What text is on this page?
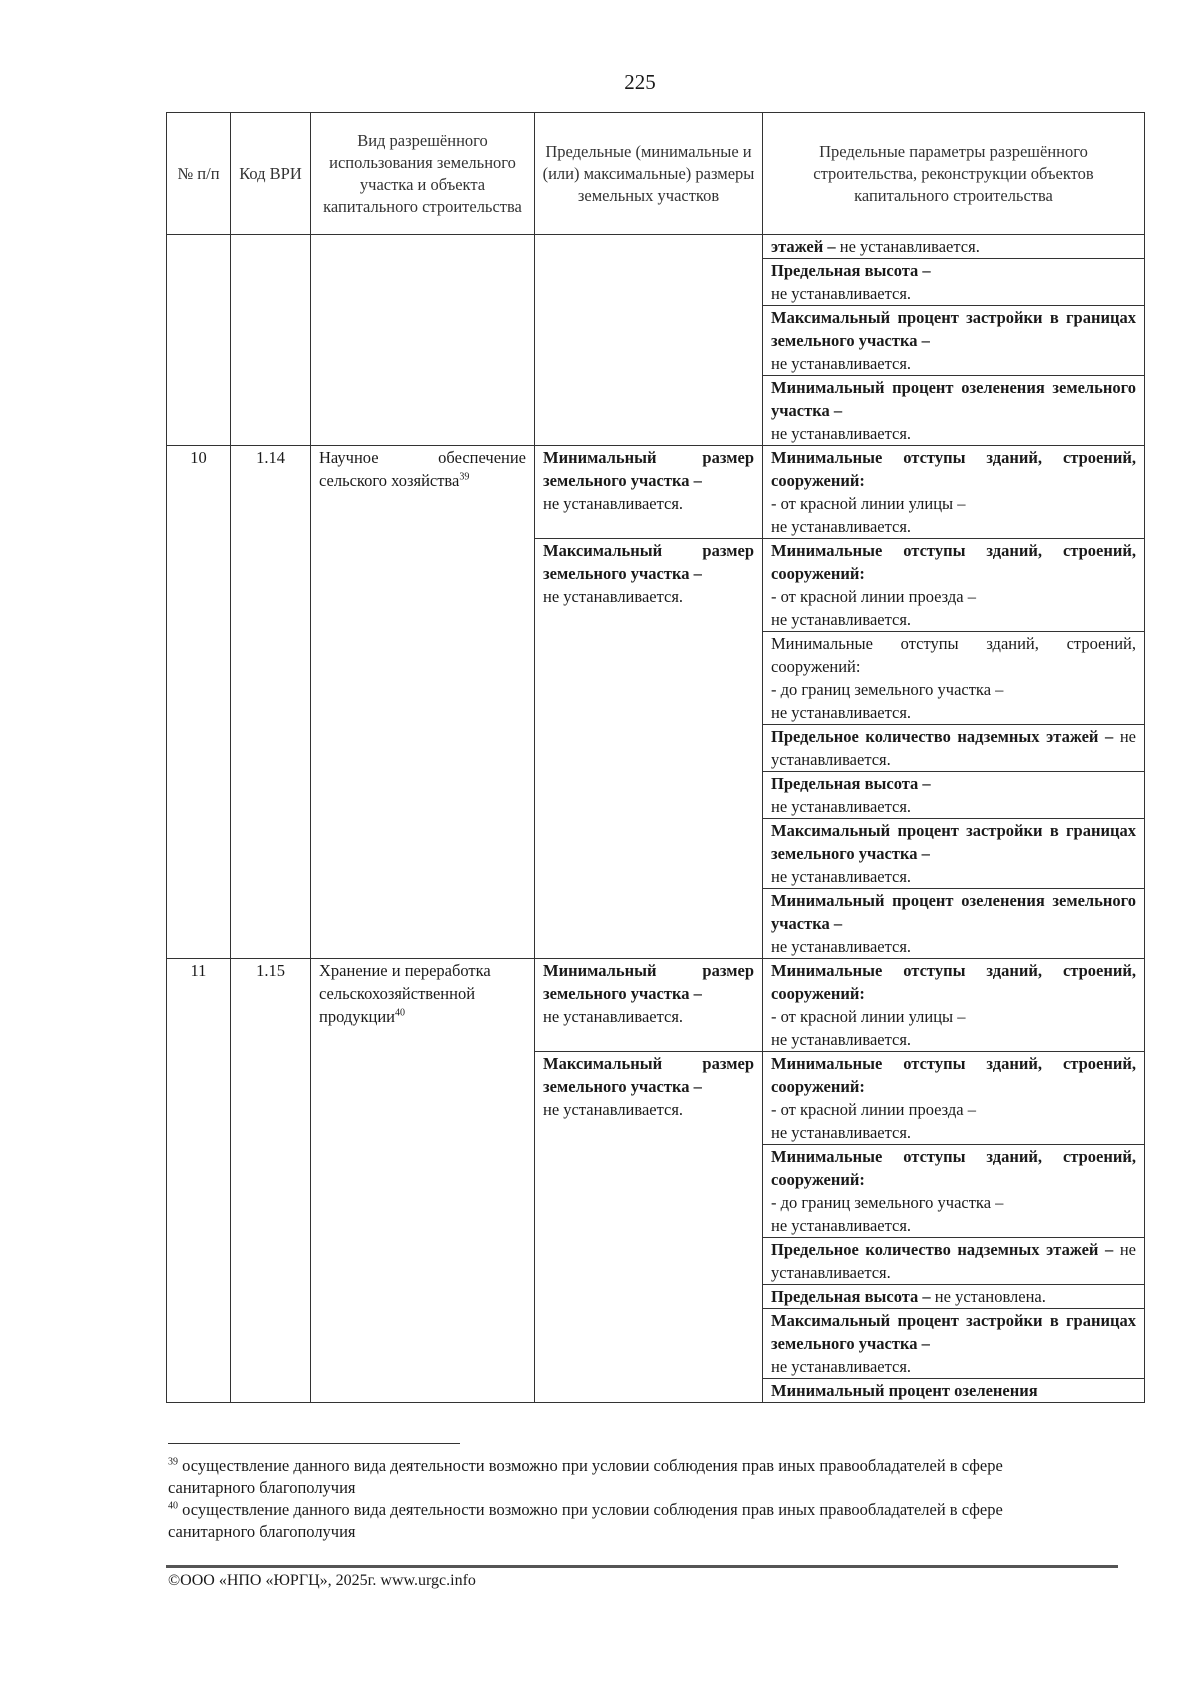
225
№ п/п	Код ВРИ	Вид разрешённого использования земельного участка и объекта капитального строительства	Предельные (минимальные и (или) максимальные) размеры земельных участков	Предельные параметры разрешённого строительства, реконструкции объектов капитального строительства
				этажей – не устанавливается.
				Предельная высота –
не устанавливается.
				Максимальный процент застройки в границах земельного участка –
не устанавливается.
				Минимальный процент озеленения земельного участка –
не устанавливается.
10	1.14	Научное обеспечение сельского хозяйства$^{39}$	Минимальный размер земельного участка –
не устанавливается.	Минимальные отступы зданий, строений, сооружений:
- от красной линии улицы –
не устанавливается.
			Максимальный размер земельного участка –
не устанавливается.	Минимальные отступы зданий, строений, сооружений:
- от красной линии проезда –
не устанавливается.
				Минимальные отступы зданий, строений, сооружений:
- до границ земельного участка –
не устанавливается.
				Предельное количество надземных этажей – не устанавливается.
				Предельная высота –
не устанавливается.
				Максимальный процент застройки в границах земельного участка –
не устанавливается.
				Минимальный процент озеленения земельного участка –
не устанавливается.
11	1.15	Хранение и переработка сельскохозяйственной продукции$^{40}$	Минимальный размер земельного участка –
не устанавливается.	Минимальные отступы зданий, строений, сооружений:
- от красной линии улицы –
не устанавливается.
			Максимальный размер земельного участка –
не устанавливается.	Минимальные отступы зданий, строений, сооружений:
- от красной линии проезда –
не устанавливается.
				Минимальные отступы зданий, строений, сооружений:
- до границ земельного участка –
не устанавливается.
				Предельное количество надземных этажей – не устанавливается.
				Предельная высота – не установлена.
				Максимальный процент застройки в границах земельного участка –
не устанавливается.
				Минимальный процент озеленения

$^{39}$ осуществление данного вида деятельности возможно при условии соблюдения прав иных правообладателей в сфере санитарного благополучия

$^{40}$ осуществление данного вида деятельности возможно при условии соблюдения прав иных правообладателей в сфере санитарного благополучия

©ООО «НПО «ЮРГЦ», 2025г. www.urgc.info
